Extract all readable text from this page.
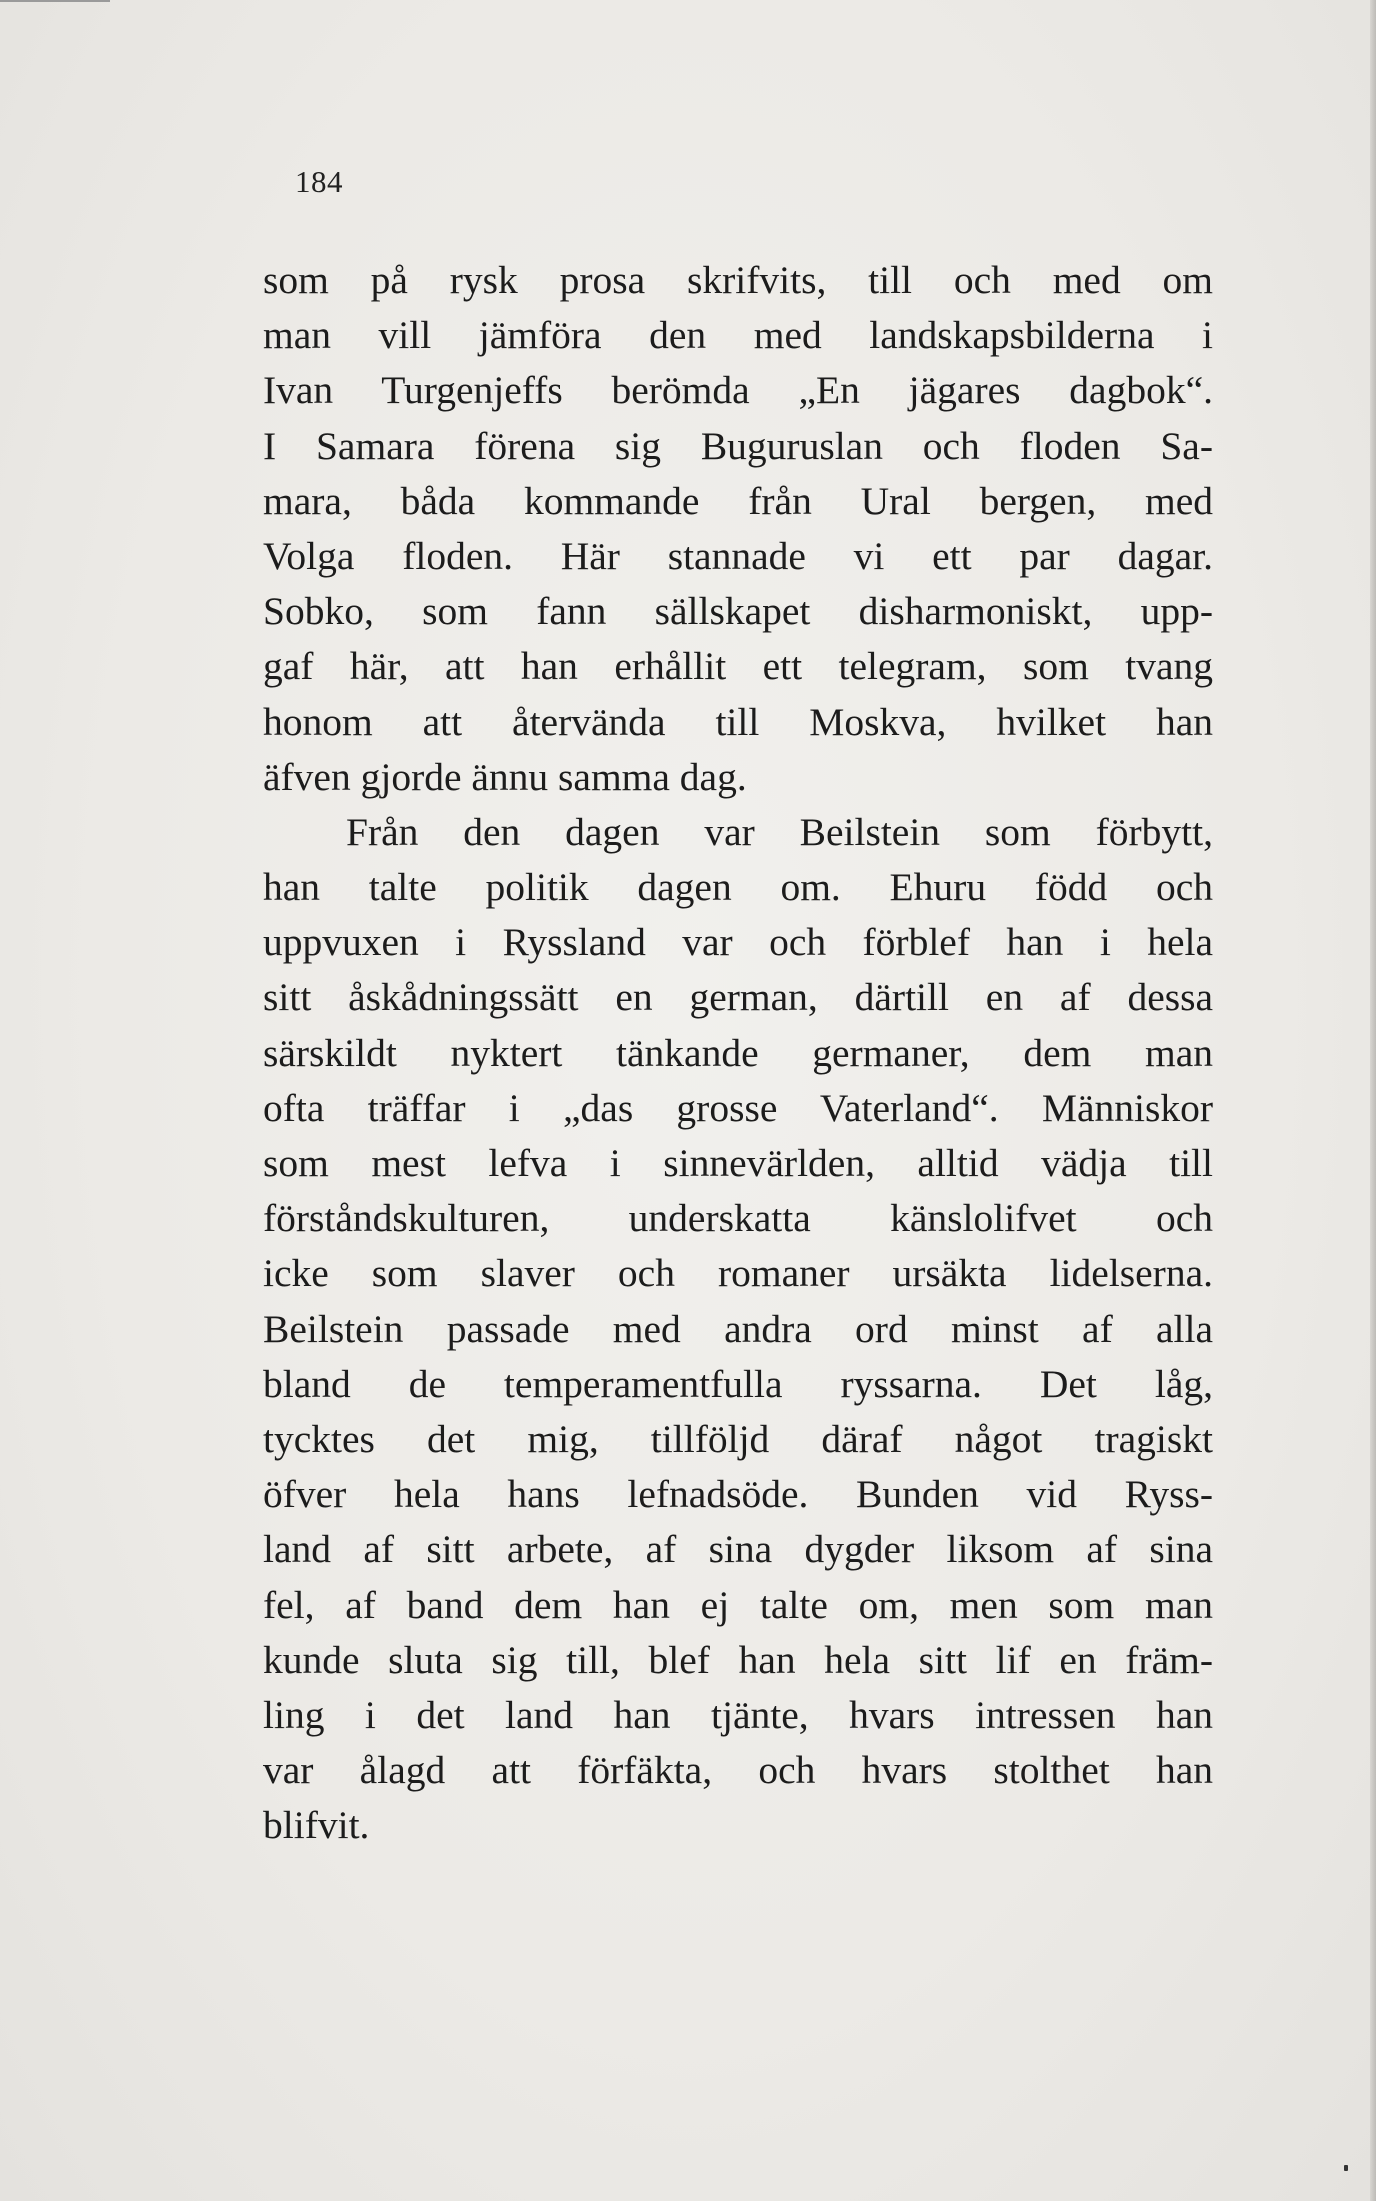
184
som på rysk prosa skrifvits, till och med om
man vill jämföra den med landskapsbilderna i
Ivan Turgenjeffs berömda „En jägares dagbok“.
I Samara förena sig Buguruslan och floden Sa-
mara, båda kommande från Ural bergen, med
Volga floden. Här stannade vi ett par dagar.
Sobko, som fann sällskapet disharmoniskt, upp-
gaf här, att han erhållit ett telegram, som tvang
honom att återvända till Moskva, hvilket han
äfven gjorde ännu samma dag.
Från den dagen var Beilstein som förbytt,
han talte politik dagen om. Ehuru född och
uppvuxen i Ryssland var och förblef han i hela
sitt åskådningssätt en german, därtill en af dessa
särskildt nyktert tänkande germaner, dem man
ofta träffar i „das grosse Vaterland“. Människor
som mest lefva i sinnevärlden, alltid vädja till
förståndskulturen, underskatta känslolifvet och
icke som slaver och romaner ursäkta lidelserna.
Beilstein passade med andra ord minst af alla
bland de temperamentfulla ryssarna. Det låg,
tycktes det mig, tillföljd däraf något tragiskt
öfver hela hans lefnadsöde. Bunden vid Ryss-
land af sitt arbete, af sina dygder liksom af sina
fel, af band dem han ej talte om, men som man
kunde sluta sig till, blef han hela sitt lif en främ-
ling i det land han tjänte, hvars intressen han
var ålagd att förfäkta, och hvars stolthet han
blifvit.
